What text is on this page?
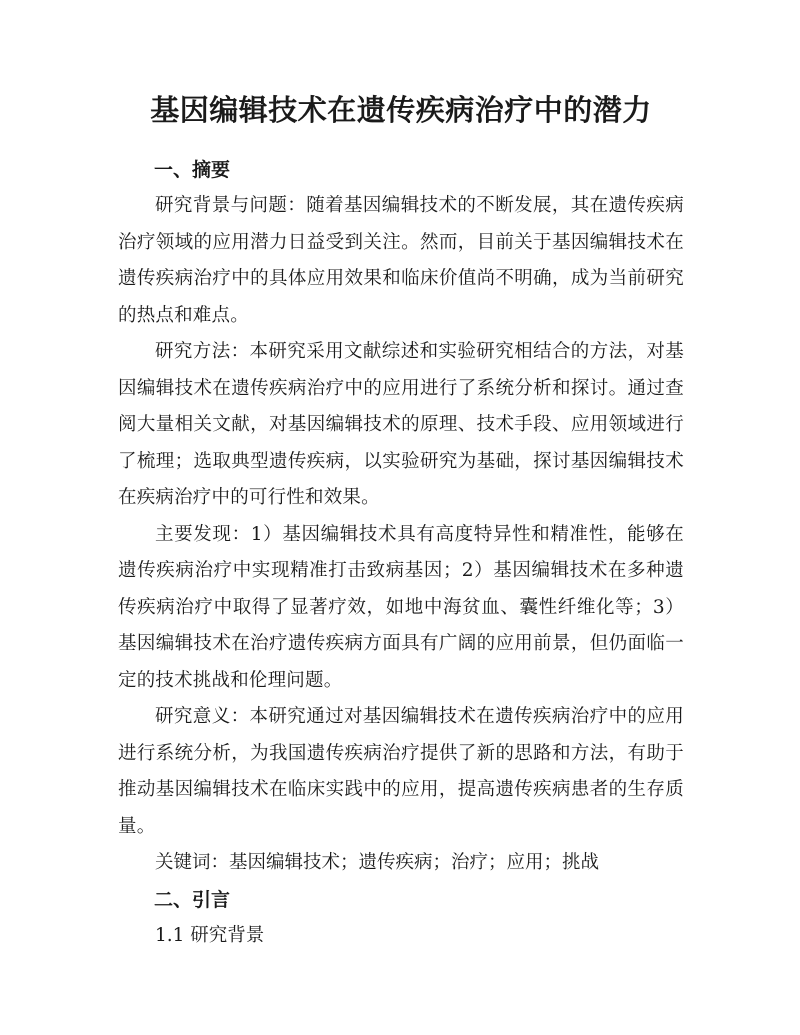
基因编辑技术在遗传疾病治疗中的潜力
一、摘要

研究背景与问题：随着基因编辑技术的不断发展，其在遗传疾病治疗领域的应用潜力日益受到关注。然而，目前关于基因编辑技术在遗传疾病治疗中的具体应用效果和临床价值尚不明确，成为当前研究的热点和难点。

研究方法：本研究采用文献综述和实验研究相结合的方法，对基因编辑技术在遗传疾病治疗中的应用进行了系统分析和探讨。通过查阅大量相关文献，对基因编辑技术的原理、技术手段、应用领域进行了梳理；选取典型遗传疾病，以实验研究为基础，探讨基因编辑技术在疾病治疗中的可行性和效果。

主要发现：1）基因编辑技术具有高度特异性和精准性，能够在遗传疾病治疗中实现精准打击致病基因；2）基因编辑技术在多种遗传疾病治疗中取得了显著疗效，如地中海贫血、囊性纤维化等；3）基因编辑技术在治疗遗传疾病方面具有广阔的应用前景，但仍面临一定的技术挑战和伦理问题。

研究意义：本研究通过对基因编辑技术在遗传疾病治疗中的应用进行系统分析，为我国遗传疾病治疗提供了新的思路和方法，有助于推动基因编辑技术在临床实践中的应用，提高遗传疾病患者的生存质量。

关键词：基因编辑技术；遗传疾病；治疗；应用；挑战

二、引言

1.1 研究背景
